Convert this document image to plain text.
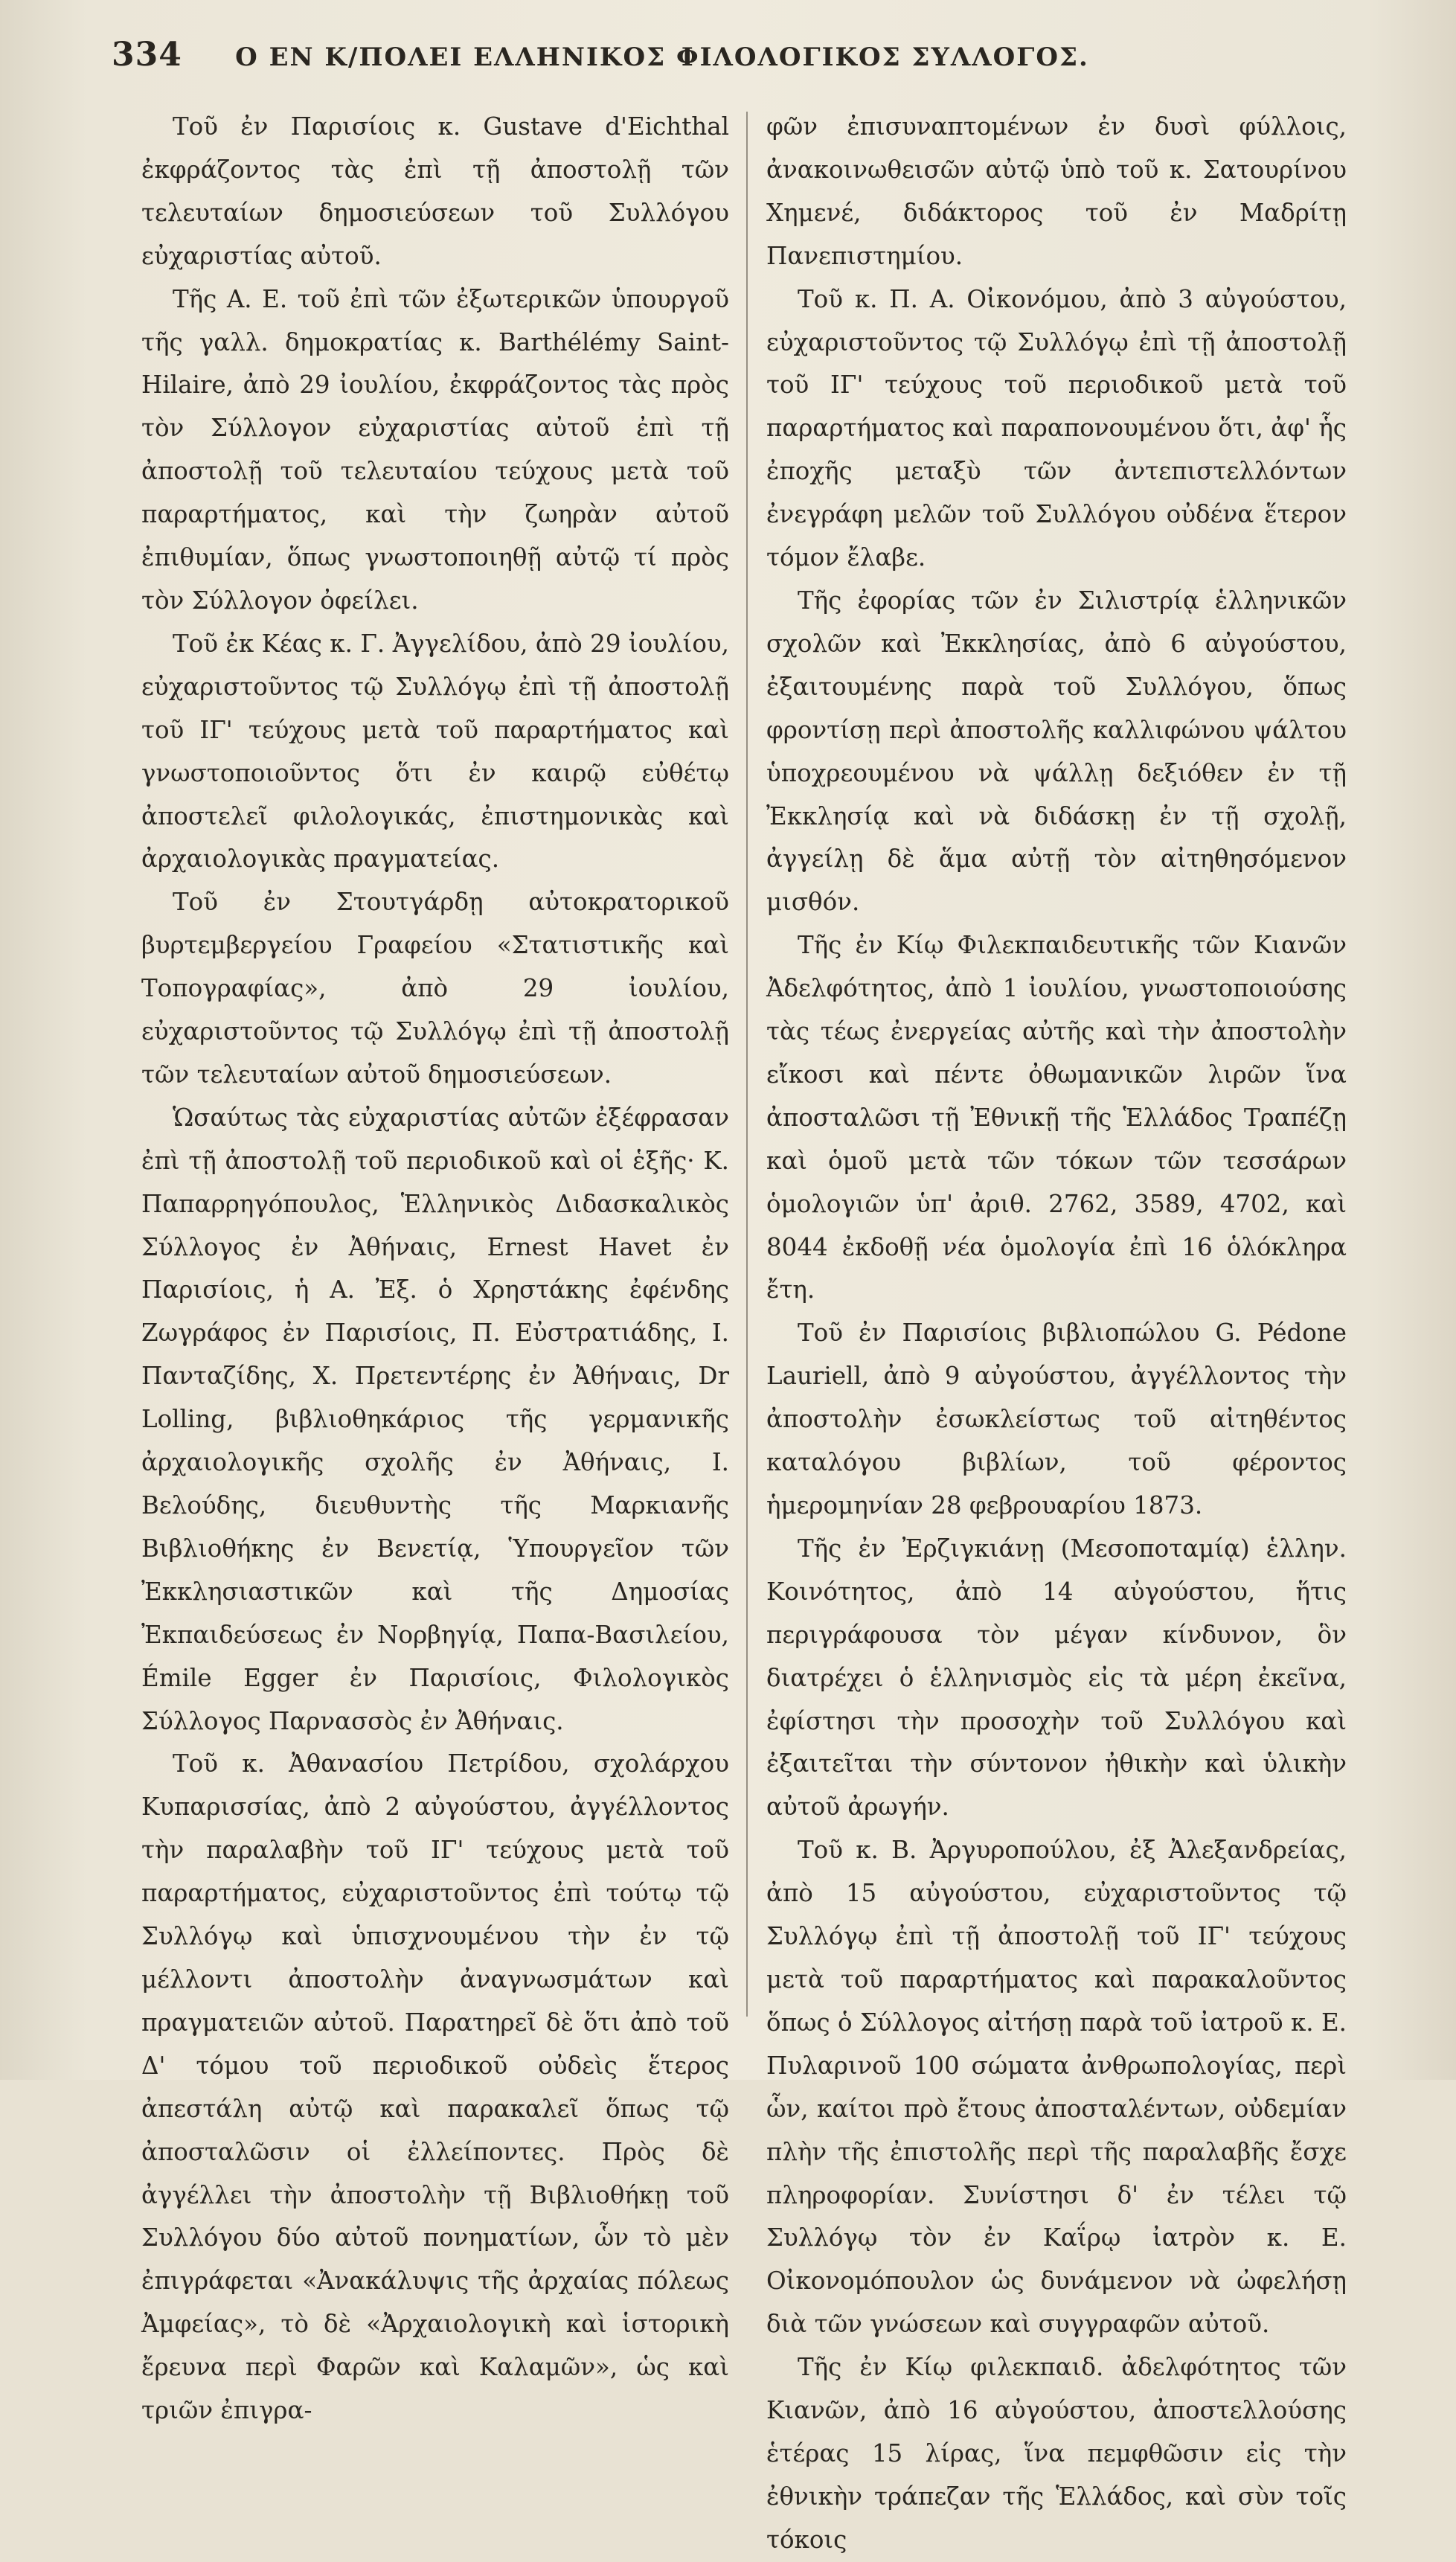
334	Ο ΕΝ Κ/ΠΟΛΕΙ ΕΛΛΗΝΙΚΟΣ ΦΙΛΟΛΟΓΙΚΟΣ ΣΥΛΛΟΓΟΣ.

Τοῦ ἐν Παρισίοις κ. Gustave d'Eichthal ἐκφράζοντος τὰς ἐπὶ τῇ ἀποστολῇ τῶν τελευταίων δημοσιεύσεων τοῦ Συλλόγου εὐχαριστίας αὐτοῦ.

Τῆς Α. Ε. τοῦ ἐπὶ τῶν ἐξωτερικῶν ὑπουργοῦ τῆς γαλλ. δημοκρατίας κ. Barthélémy Saint-Hilaire, ἀπὸ 29 ἰουλίου, ἐκφράζοντος τὰς πρὸς τὸν Σύλλογον εὐχαριστίας αὐτοῦ ἐπὶ τῇ ἀποστολῇ τοῦ τελευταίου τεύχους μετὰ τοῦ παραρτήματος, καὶ τὴν ζωηρὰν αὐτοῦ ἐπιθυμίαν, ὅπως γνωστοποιηθῇ αὐτῷ τί πρὸς τὸν Σύλλογον ὀφείλει.

Τοῦ ἐκ Κέας κ. Γ. Ἀγγελίδου, ἀπὸ 29 ἰουλίου, εὐχαριστοῦντος τῷ Συλλόγῳ ἐπὶ τῇ ἀποστολῇ τοῦ ΙΓ' τεύχους μετὰ τοῦ παραρτήματος καὶ γνωστοποιοῦντος ὅτι ἐν καιρῷ εὐθέτῳ ἀποστελεῖ φιλολογικάς, ἐπιστημονικὰς καὶ ἀρχαιολογικὰς πραγματείας.

Τοῦ ἐν Στουτγάρδῃ αὐτοκρατορικοῦ βυρτεμβεργείου Γραφείου «Στατιστικῆς καὶ Τοπογραφίας», ἀπὸ 29 ἰουλίου, εὐχαριστοῦντος τῷ Συλλόγῳ ἐπὶ τῇ ἀποστολῇ τῶν τελευταίων αὐτοῦ δημοσιεύσεων.

Ὡσαύτως τὰς εὐχαριστίας αὐτῶν ἐξέφρασαν ἐπὶ τῇ ἀποστολῇ τοῦ περιοδικοῦ καὶ οἱ ἑξῆς· Κ. Παπαρρηγόπουλος, Ἑλληνικὸς Διδασκαλικὸς Σύλλογος ἐν Ἀθήναις, Ernest Havet ἐν Παρισίοις, ἡ Α. Ἐξ. ὁ Χρηστάκης ἐφένδης Ζωγράφος ἐν Παρισίοις, Π. Εὐστρατιάδης, Ι. Πανταζίδης, Χ. Πρετεντέρης ἐν Ἀθήναις, Dr Lolling, βιβλιοθηκάριος τῆς γερμανικῆς ἀρχαιολογικῆς σχολῆς ἐν Ἀθήναις, Ι. Βελούδης, διευθυντὴς τῆς Μαρκιανῆς Βιβλιοθήκης ἐν Βενετίᾳ, Ὑπουργεῖον τῶν Ἐκκλησιαστικῶν καὶ τῆς Δημοσίας Ἐκπαιδεύσεως ἐν Νορβηγίᾳ, Παπα-Βασιλείου, Émile Egger ἐν Παρισίοις, Φιλολογικὸς Σύλλογος Παρνασσὸς ἐν Ἀθήναις.

Τοῦ κ. Ἀθανασίου Πετρίδου, σχολάρχου Κυπαρισσίας, ἀπὸ 2 αὐγούστου, ἀγγέλλοντος τὴν παραλαβὴν τοῦ ΙΓ' τεύχους μετὰ τοῦ παραρτήματος, εὐχαριστοῦντος ἐπὶ τούτῳ τῷ Συλλόγῳ καὶ ὑπισχνουμένου τὴν ἐν τῷ μέλλοντι ἀποστολὴν ἀναγνωσμάτων καὶ πραγματειῶν αὐτοῦ. Παρατηρεῖ δὲ ὅτι ἀπὸ τοῦ Δ' τόμου τοῦ περιοδικοῦ οὐδεὶς ἕτερος ἀπεστάλη αὐτῷ καὶ παρακαλεῖ ὅπως τῷ ἀποσταλῶσιν οἱ ἐλλείποντες. Πρὸς δὲ ἀγγέλλει τὴν ἀποστολὴν τῇ Βιβλιοθήκῃ τοῦ Συλλόγου δύο αὐτοῦ πονηματίων, ὧν τὸ μὲν ἐπιγράφεται «Ἀνακάλυψις τῆς ἀρχαίας πόλεως Ἀμφείας», τὸ δὲ «Ἀρχαιολογικὴ καὶ ἱστορικὴ ἔρευνα περὶ Φαρῶν καὶ Καλαμῶν», ὡς καὶ τριῶν ἐπιγρα-

φῶν ἐπισυναπτομένων ἐν δυσὶ φύλλοις, ἀνακοινωθεισῶν αὐτῷ ὑπὸ τοῦ κ. Σατουρίνου Χημενέ, διδάκτορος τοῦ ἐν Μαδρίτῃ Πανεπιστημίου.

Τοῦ κ. Π. Α. Οἰκονόμου, ἀπὸ 3 αὐγούστου, εὐχαριστοῦντος τῷ Συλλόγῳ ἐπὶ τῇ ἀποστολῇ τοῦ ΙΓ' τεύχους τοῦ περιοδικοῦ μετὰ τοῦ παραρτήματος καὶ παραπονουμένου ὅτι, ἀφ' ἧς ἐποχῆς μεταξὺ τῶν ἀντεπιστελλόντων ἐνεγράφη μελῶν τοῦ Συλλόγου οὐδένα ἕτερον τόμον ἔλαβε.

Τῆς ἐφορίας τῶν ἐν Σιλιστρίᾳ ἑλληνικῶν σχολῶν καὶ Ἐκκλησίας, ἀπὸ 6 αὐγούστου, ἐξαιτουμένης παρὰ τοῦ Συλλόγου, ὅπως φροντίσῃ περὶ ἀποστολῆς καλλιφώνου ψάλτου ὑποχρεουμένου νὰ ψάλλῃ δεξιόθεν ἐν τῇ Ἐκκλησίᾳ καὶ νὰ διδάσκῃ ἐν τῇ σχολῇ, ἀγγείλῃ δὲ ἅμα αὐτῇ τὸν αἰτηθησόμενον μισθόν.

Τῆς ἐν Κίῳ Φιλεκπαιδευτικῆς τῶν Κιανῶν Ἀδελφότητος, ἀπὸ 1 ἰουλίου, γνωστοποιούσης τὰς τέως ἐνεργείας αὐτῆς καὶ τὴν ἀποστολὴν εἴκοσι καὶ πέντε ὀθωμανικῶν λιρῶν ἵνα ἀποσταλῶσι τῇ Ἐθνικῇ τῆς Ἑλλάδος Τραπέζῃ καὶ ὁμοῦ μετὰ τῶν τόκων τῶν τεσσάρων ὁμολογιῶν ὑπ' ἀριθ. 2762, 3589, 4702, καὶ 8044 ἐκδοθῇ νέα ὁμολογία ἐπὶ 16 ὁλόκληρα ἔτη.

Τοῦ ἐν Παρισίοις βιβλιοπώλου G. Pédone Lauriell, ἀπὸ 9 αὐγούστου, ἀγγέλλοντος τὴν ἀποστολὴν ἐσωκλείστως τοῦ αἰτηθέντος καταλόγου βιβλίων, τοῦ φέροντος ἡμερομηνίαν 28 φεβρουαρίου 1873.

Τῆς ἐν Ἐρζιγκιάνῃ (Μεσοποταμίᾳ) ἑλλην. Κοινότητος, ἀπὸ 14 αὐγούστου, ἥτις περιγράφουσα τὸν μέγαν κίνδυνον, ὃν διατρέχει ὁ ἑλληνισμὸς εἰς τὰ μέρη ἐκεῖνα, ἐφίστησι τὴν προσοχὴν τοῦ Συλλόγου καὶ ἐξαιτεῖται τὴν σύντονον ἠθικὴν καὶ ὑλικὴν αὐτοῦ ἀρωγήν.

Τοῦ κ. Β. Ἀργυροπούλου, ἐξ Ἀλεξανδρείας, ἀπὸ 15 αὐγούστου, εὐχαριστοῦντος τῷ Συλλόγῳ ἐπὶ τῇ ἀποστολῇ τοῦ ΙΓ' τεύχους μετὰ τοῦ παραρτήματος καὶ παρακαλοῦντος ὅπως ὁ Σύλλογος αἰτήσῃ παρὰ τοῦ ἰατροῦ κ. Ε. Πυλαρινοῦ 100 σώματα ἀνθρωπολογίας, περὶ ὧν, καίτοι πρὸ ἔτους ἀποσταλέντων, οὐδεμίαν πλὴν τῆς ἐπιστολῆς περὶ τῆς παραλαβῆς ἔσχε πληροφορίαν. Συνίστησι δ' ἐν τέλει τῷ Συλλόγῳ τὸν ἐν Καΐρῳ ἰατρὸν κ. Ε. Οἰκονομόπουλον ὡς δυνάμενον νὰ ὠφελήσῃ διὰ τῶν γνώσεων καὶ συγγραφῶν αὐτοῦ.

Τῆς ἐν Κίῳ φιλεκπαιδ. ἀδελφότητος τῶν Κιανῶν, ἀπὸ 16 αὐγούστου, ἀποστελλούσης ἑτέρας 15 λίρας, ἵνα πεμφθῶσιν εἰς τὴν ἐθνικὴν τράπεζαν τῆς Ἑλλάδος, καὶ σὺν τοῖς τόκοις
